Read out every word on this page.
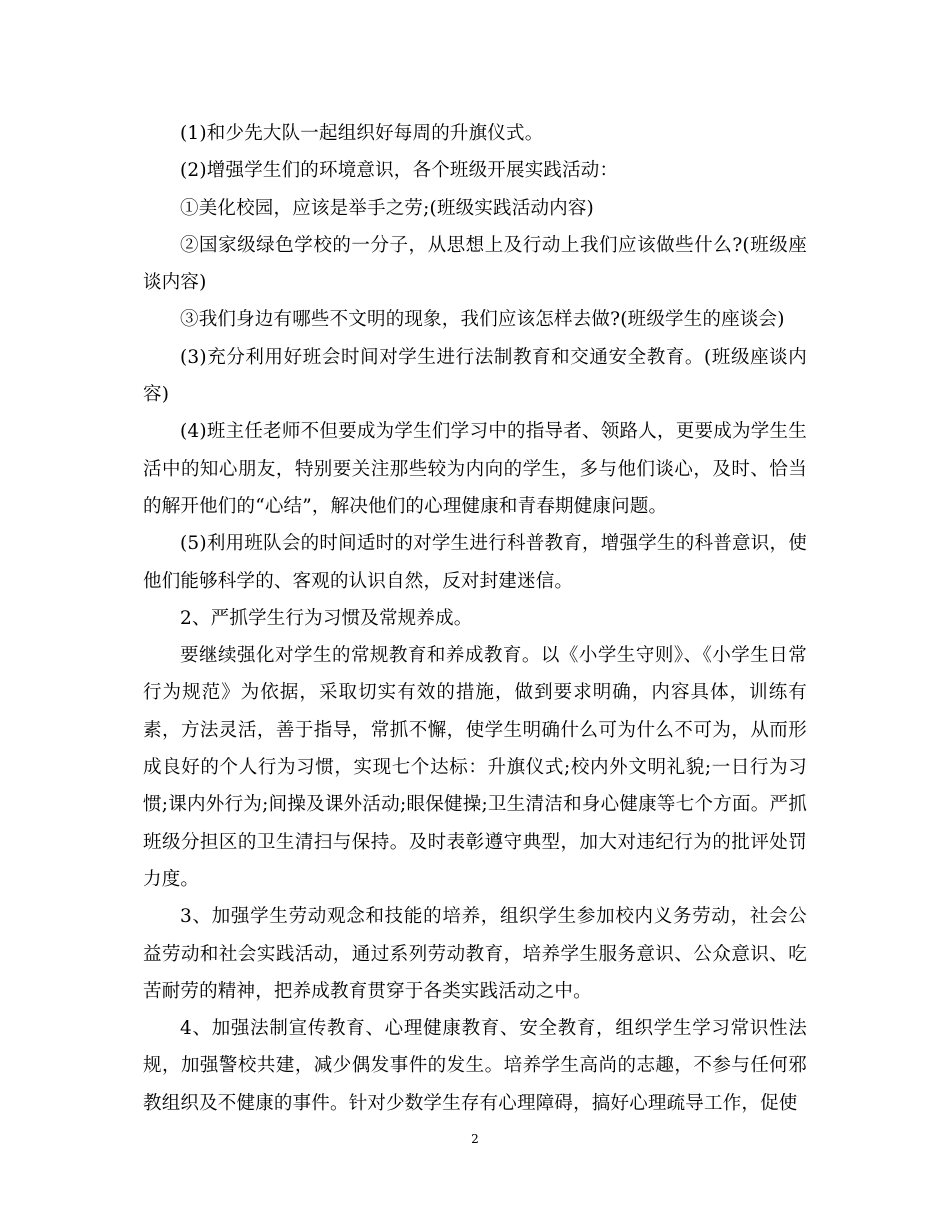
(1)和少先大队一起组织好每周的升旗仪式。

(2)增强学生们的环境意识，各个班级开展实践活动：

①美化校园，应该是举手之劳;(班级实践活动内容)

②国家级绿色学校的一分子，从思想上及行动上我们应该做些什么?(班级座谈内容)

③我们身边有哪些不文明的现象，我们应该怎样去做?(班级学生的座谈会)

(3)充分利用好班会时间对学生进行法制教育和交通安全教育。(班级座谈内容)

(4)班主任老师不但要成为学生们学习中的指导者、领路人，更要成为学生生活中的知心朋友，特别要关注那些较为内向的学生，多与他们谈心，及时、恰当的解开他们的“心结”，解决他们的心理健康和青春期健康问题。

(5)利用班队会的时间适时的对学生进行科普教育，增强学生的科普意识，使他们能够科学的、客观的认识自然，反对封建迷信。

2、严抓学生行为习惯及常规养成。

要继续强化对学生的常规教育和养成教育。以《小学生守则》、《小学生日常行为规范》为依据，采取切实有效的措施，做到要求明确，内容具体，训练有素，方法灵活，善于指导，常抓不懈，使学生明确什么可为什么不可为，从而形成良好的个人行为习惯，实现七个达标：升旗仪式;校内外文明礼貌;一日行为习惯;课内外行为;间操及课外活动;眼保健操;卫生清洁和身心健康等七个方面。严抓班级分担区的卫生清扫与保持。及时表彰遵守典型，加大对违纪行为的批评处罚力度。

3、加强学生劳动观念和技能的培养，组织学生参加校内义务劳动，社会公益劳动和社会实践活动，通过系列劳动教育，培养学生服务意识、公众意识、吃苦耐劳的精神，把养成教育贯穿于各类实践活动之中。

4、加强法制宣传教育、心理健康教育、安全教育，组织学生学习常识性法规，加强警校共建，减少偶发事件的发生。培养学生高尚的志趣，不参与任何邪教组织及不健康的事件。针对少数学生存有心理障碍，搞好心理疏导工作，促使

2
